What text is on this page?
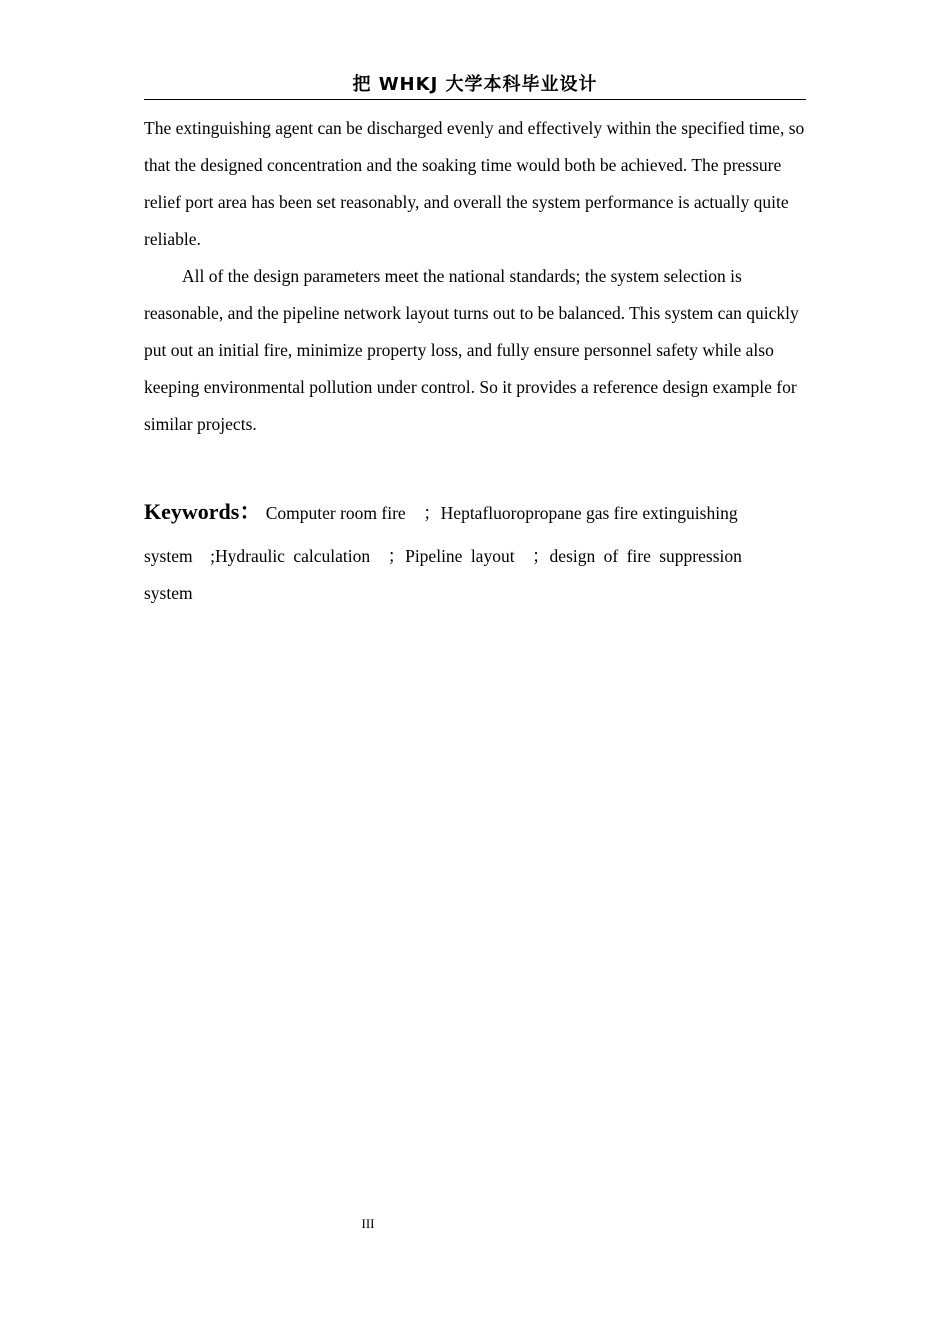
把 WHKJ 大学本科毕业设计

The extinguishing agent can be discharged evenly and effectively within the specified time, so that the designed concentration and the soaking time would both be achieved. The pressure relief port area has been set reasonably, and overall the system performance is actually quite reliable.

All of the design parameters meet the national standards; the system selection is reasonable, and the pipeline network layout turns out to be balanced. This system can quickly put out an initial fire, minimize property loss, and fully ensure personnel safety while also keeping environmental pollution under control. So it provides a reference design example for similar projects.

Keywords： Computer room fire　；Heptafluoropropane gas fire extinguishing
system　;Hydraulic calculation　；Pipeline layout　；design of fire suppression
system
III
